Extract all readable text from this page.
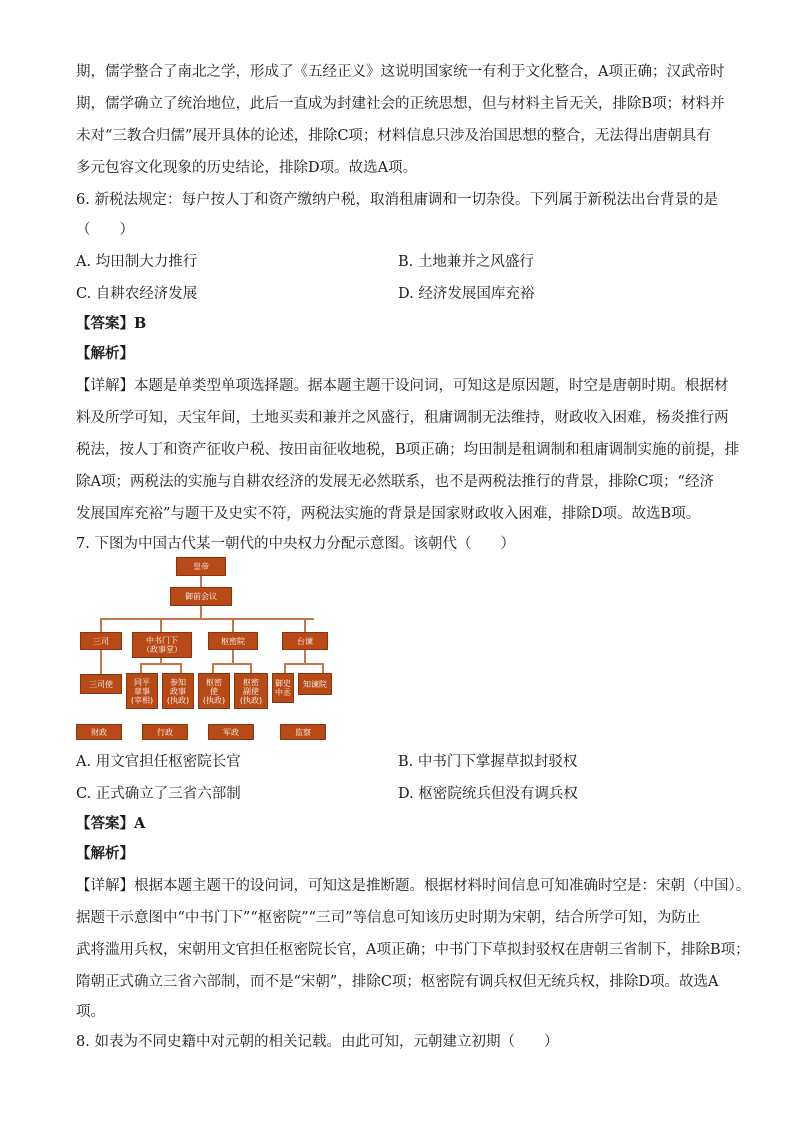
期，儒学整合了南北之学，形成了《五经正义》这说明国家统一有利于文化整合，A项正确；汉武帝时
期，儒学确立了统治地位，此后一直成为封建社会的正统思想，但与材料主旨无关，排除B项；材料并
未对“三教合归儒”展开具体的论述，排除C项；材料信息只涉及治国思想的整合，无法得出唐朝具有
多元包容文化现象的历史结论，排除D项。故选A项。
6. 新税法规定：每户按人丁和资产缴纳户税，取消租庸调和一切杂役。下列属于新税法出台背景的是
（　　）
A. 均田制大力推行	B. 土地兼并之风盛行
C. 自耕农经济发展	D. 经济发展国库充裕
【答案】B
【解析】
【详解】本题是单类型单项选择题。据本题主题干设问词，可知这是原因题，时空是唐朝时期。根据材
料及所学可知，天宝年间，土地买卖和兼并之风盛行，租庸调制无法维持，财政收入困难，杨炎推行两
税法，按人丁和资产征收户税、按田亩征收地税，B项正确；均田制是租调制和租庸调制实施的前提，排
除A项；两税法的实施与自耕农经济的发展无必然联系，也不是两税法推行的背景，排除C项；“经济
发展国库充裕”与题干及史实不符，两税法实施的背景是国家财政收入困难，排除D项。故选B项。
7. 下图为中国古代某一朝代的中央权力分配示意图。该朝代（　　）
皇帝
御前会议
三司	中书门下
（政事堂）
枢密院	台谏
三司使	同平
章事
(宰相)
参知
政事
(执政)
枢密
使
(执政)
枢密
副使
(执政)
御史
中丞
知谏院
财政	行政	军政	监察
A. 用文官担任枢密院长官	B. 中书门下掌握草拟封驳权
C. 正式确立了三省六部制	D. 枢密院统兵但没有调兵权
【答案】A
【解析】
【详解】根据本题主题干的设问词，可知这是推断题。根据材料时间信息可知准确时空是：宋朝（中国）。
据题干示意图中“中书门下”“枢密院”“三司”等信息可知该历史时期为宋朝，结合所学可知，为防止
武将滥用兵权，宋朝用文官担任枢密院长官，A项正确；中书门下草拟封驳权在唐朝三省制下，排除B项；
隋朝正式确立三省六部制，而不是“宋朝”，排除C项；枢密院有调兵权但无统兵权，排除D项。故选A
项。
8. 如表为不同史籍中对元朝的相关记载。由此可知，元朝建立初期（　　）
